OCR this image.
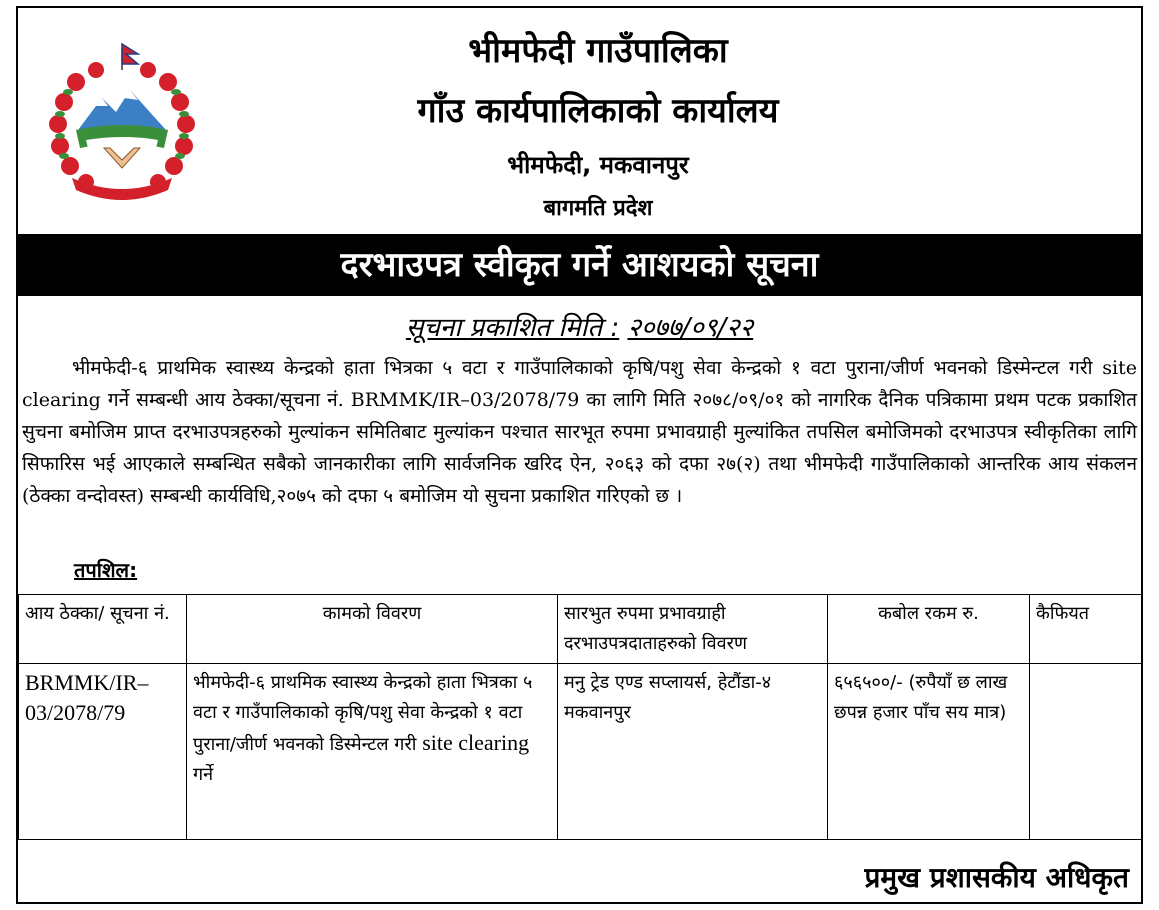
भीमफेदी गाउँपालिका
गाँउ कार्यपालिकाको कार्यालय
भीमफेदी, मकवानपुर
बागमति प्रदेश
दरभाउपत्र स्वीकृत गर्ने आशयको सूचना
सूचना प्रकाशित मिति : २०७७/०९/२२

भीमफेदी-६ प्राथमिक स्वास्थ्य केन्द्रको हाता भित्रका ५ वटा र गाउँपालिकाको कृषि/पशु सेवा केन्द्रको १ वटा पुराना/जीर्ण भवनको डिस्मेन्टल गरी site clearing गर्ने सम्बन्धी आय ठेक्का/सूचना नं. BRMMK/IR–03/2078/79 का लागि मिति २०७८/०९/०१ को नागरिक दैनिक पत्रिकामा प्रथम पटक प्रकाशित सुचना बमोजिम प्राप्त दरभाउपत्रहरुको मुल्यांकन समितिबाट मुल्यांकन पश्चात सारभूत रुपमा प्रभावग्राही मुल्यांकित तपसिल बमोजिमको दरभाउपत्र स्वीकृतिका लागि सिफारिस भई आएकाले सम्बन्धित सबैको जानकारीका लागि सार्वजनिक खरिद ऐन, २०६३ को दफा २७(२) तथा भीमफेदी गाउँपालिकाको आन्तरिक आय संकलन (ठेक्का वन्दोवस्त) सम्बन्धी कार्यविधि,२०७५ को दफा ५ बमोजिम यो सुचना प्रकाशित गरिएको छ ।

तपशिल:
आय ठेक्का/ सूचना नं.	कामको विवरण	सारभुत रुपमा प्रभावग्राही दरभाउपत्रदाताहरुको विवरण	कबोल रकम रु.	कैफियत
BRMMK/IR–03/2078/79	भीमफेदी-६ प्राथमिक स्वास्थ्य केन्द्रको हाता भित्रका ५ वटा र गाउँपालिकाको कृषि/पशु सेवा केन्द्रको १ वटा पुराना/जीर्ण भवनको डिस्मेन्टल गरी site clearing गर्ने	मनु ट्रेड एण्ड सप्लायर्स, हेटौंडा-४ मकवानपुर	६५६५००/- (रुपैयाँ छ लाख छपन्न हजार पाँच सय मात्र)	
प्रमुख प्रशासकीय अधिकृत
